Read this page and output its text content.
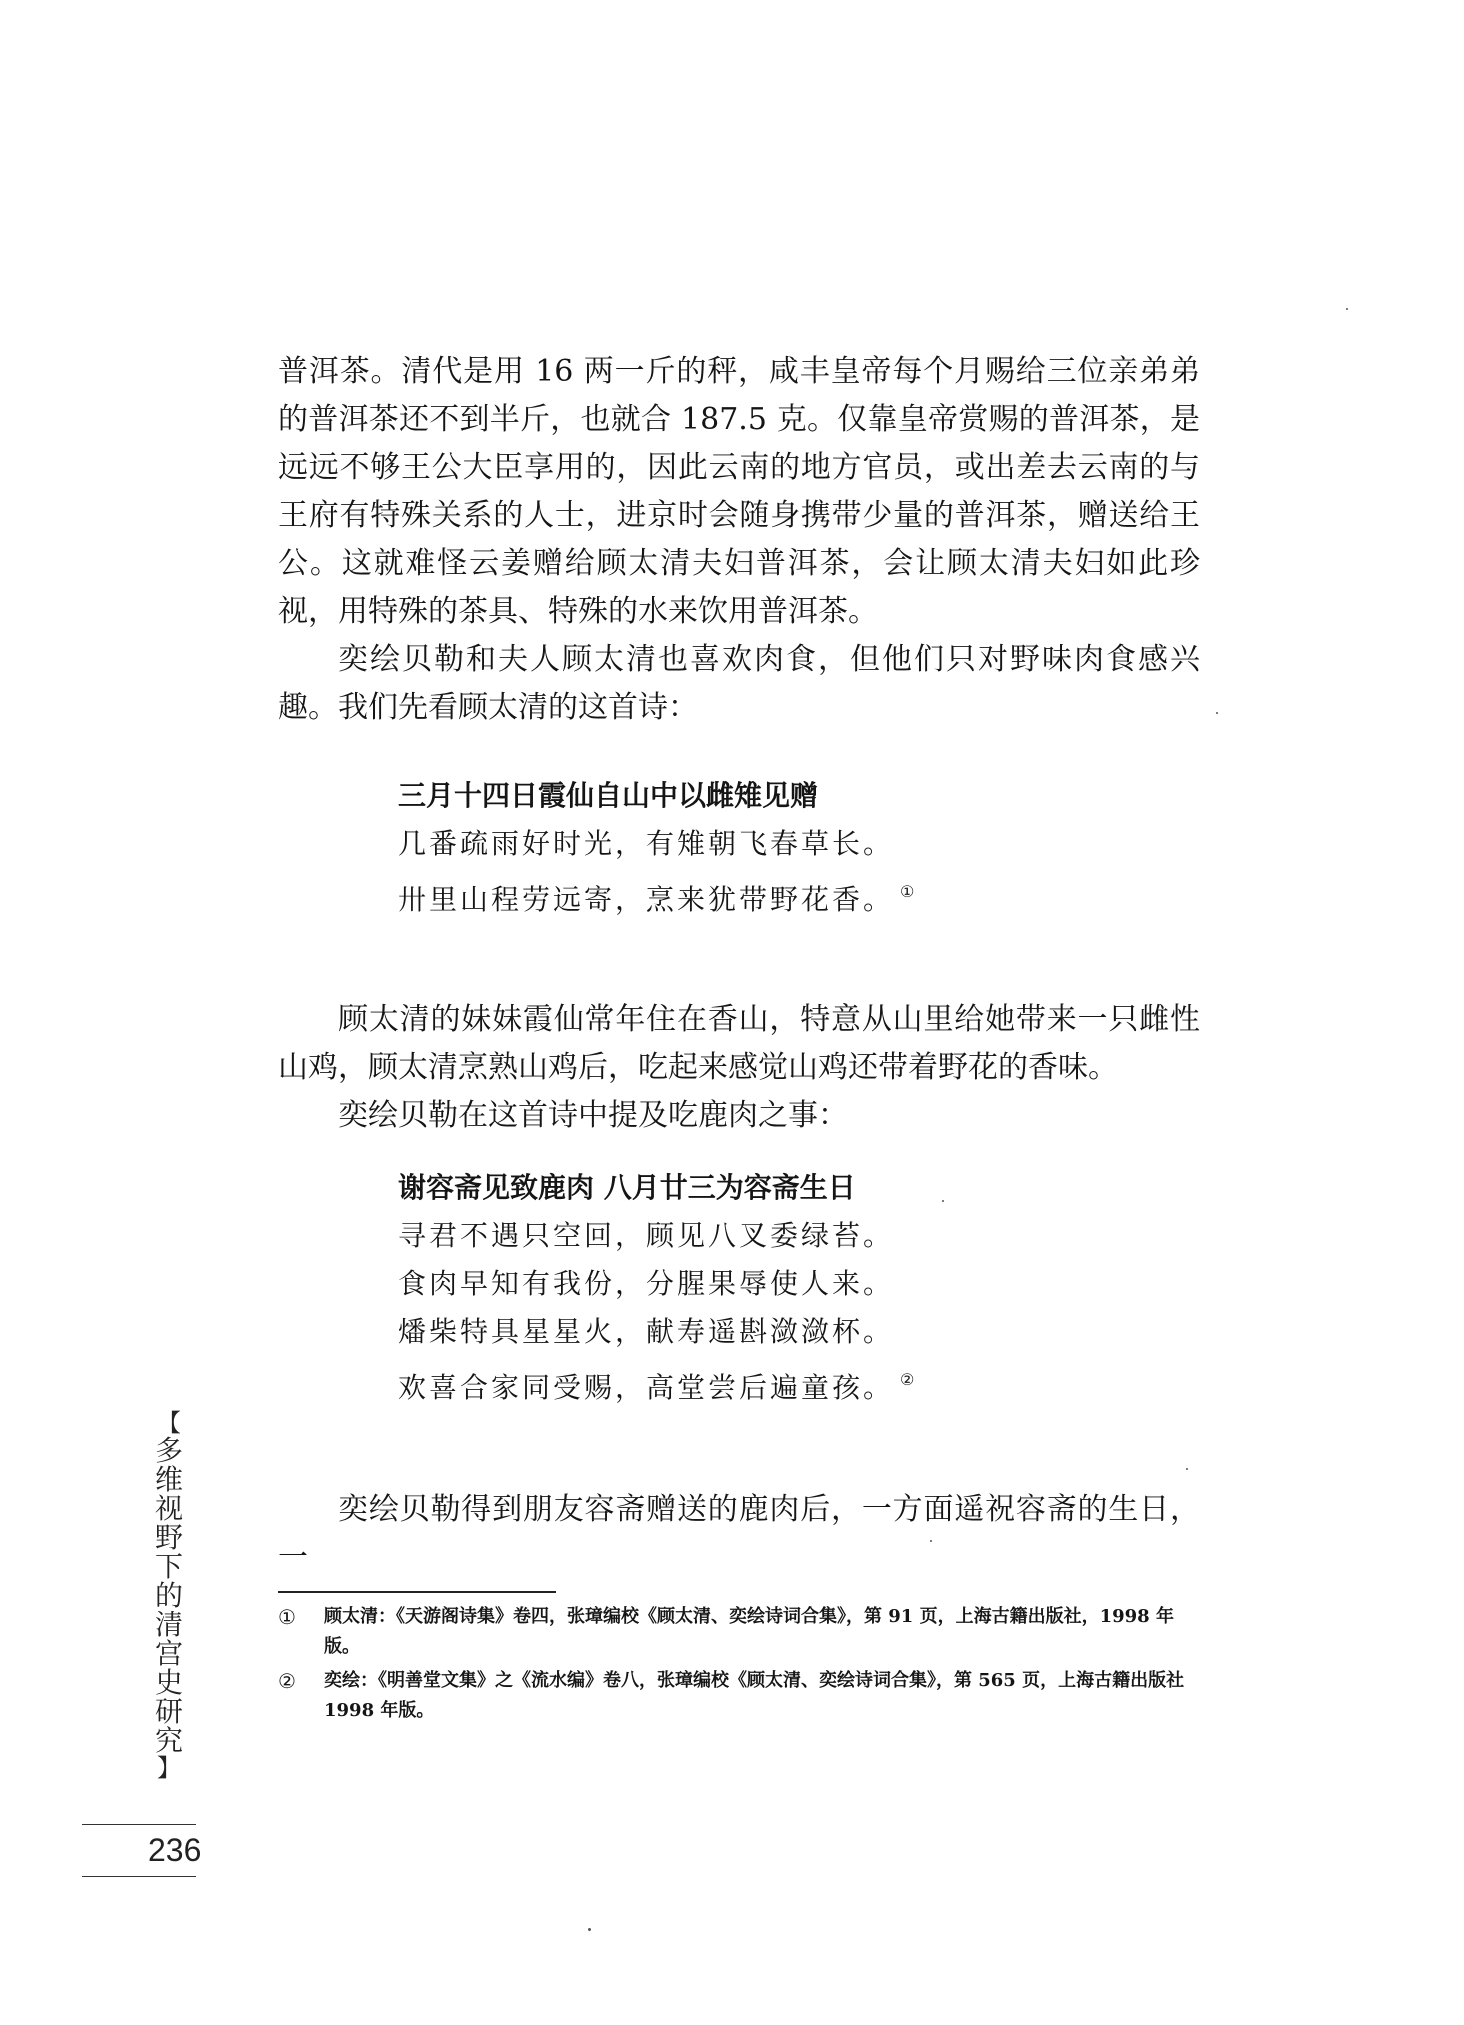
普洱茶。清代是用 16 两一斤的秤，咸丰皇帝每个月赐给三位亲弟弟的普洱茶还不到半斤，也就合 187.5 克。仅靠皇帝赏赐的普洱茶，是远远不够王公大臣享用的，因此云南的地方官员，或出差去云南的与王府有特殊关系的人士，进京时会随身携带少量的普洱茶，赠送给王公。这就难怪云姜赠给顾太清夫妇普洱茶，会让顾太清夫妇如此珍视，用特殊的茶具、特殊的水来饮用普洱茶。

奕绘贝勒和夫人顾太清也喜欢肉食，但他们只对野味肉食感兴趣。我们先看顾太清的这首诗：

三月十四日霞仙自山中以雌雉见赠

几番疏雨好时光，有雉朝飞春草长。

卅里山程劳远寄，烹来犹带野花香。 ①

顾太清的妹妹霞仙常年住在香山，特意从山里给她带来一只雌性山鸡，顾太清烹熟山鸡后，吃起来感觉山鸡还带着野花的香味。

奕绘贝勒在这首诗中提及吃鹿肉之事：

谢容斋见致鹿肉 八月廿三为容斋生日

寻君不遇只空回，顾见八叉委绿苔。

食肉早知有我份，分腥果辱使人来。

燔柴特具星星火，献寿遥斟潋潋杯。

欢喜合家同受赐，高堂尝后遍童孩。 ②

奕绘贝勒得到朋友容斋赠送的鹿肉后，一方面遥祝容斋的生日，一

① 顾太清：《天游阁诗集》卷四，张璋编校《顾太清、奕绘诗词合集》，第 91 页，上海古籍出版社，1998 年版。

② 奕绘：《明善堂文集》之《流水编》卷八，张璋编校《顾太清、奕绘诗词合集》，第 565 页，上海古籍出版社 1998 年版。

【
多
维
视
野
下
的
清
宫
史
研
究
】
236
